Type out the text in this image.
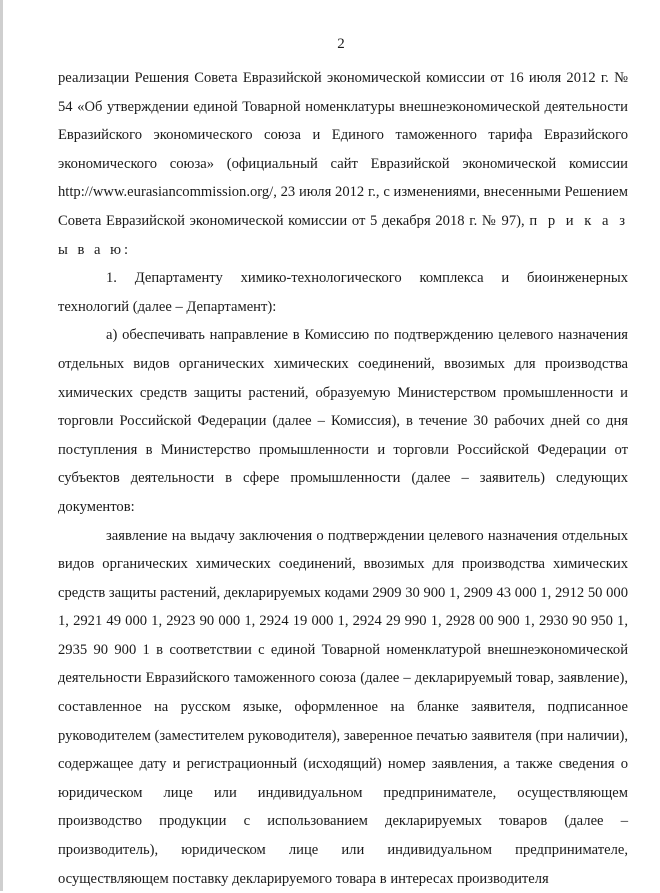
2

реализации Решения Совета Евразийской экономической комиссии от 16 июля 2012 г. № 54 «Об утверждении единой Товарной номенклатуры внешнеэкономической деятельности Евразийского экономического союза и Единого таможенного тарифа Евразийского экономического союза» (официальный сайт Евразийской экономической комиссии http://www.eurasiancommission.org/, 23 июля 2012 г., с изменениями, внесенными Решением Совета Евразийской экономической комиссии от 5 декабря 2018 г. № 97), п р и к а з ы в а ю:

1. Департаменту химико-технологического комплекса и биоинженерных технологий (далее – Департамент):

а) обеспечивать направление в Комиссию по подтверждению целевого назначения отдельных видов органических химических соединений, ввозимых для производства химических средств защиты растений, образуемую Министерством промышленности и торговли Российской Федерации (далее – Комиссия), в течение 30 рабочих дней со дня поступления в Министерство промышленности и торговли Российской Федерации от субъектов деятельности в сфере промышленности (далее – заявитель) следующих документов:

заявление на выдачу заключения о подтверждении целевого назначения отдельных видов органических химических соединений, ввозимых для производства химических средств защиты растений, декларируемых кодами 2909 30 900 1, 2909 43 000 1, 2912 50 000 1, 2921 49 000 1, 2923 90 000 1, 2924 19 000 1, 2924 29 990 1, 2928 00 900 1, 2930 90 950 1, 2935 90 900 1 в соответствии с единой Товарной номенклатурой внешнеэкономической деятельности Евразийского таможенного союза (далее – декларируемый товар, заявление), составленное на русском языке, оформленное на бланке заявителя, подписанное руководителем (заместителем руководителя), заверенное печатью заявителя (при наличии), содержащее дату и регистрационный (исходящий) номер заявления, а также сведения о юридическом лице или индивидуальном предпринимателе, осуществляющем производство продукции с использованием декларируемых товаров (далее – производитель), юридическом лице или индивидуальном предпринимателе, осуществляющем поставку декларируемого товара в интересах производителя
